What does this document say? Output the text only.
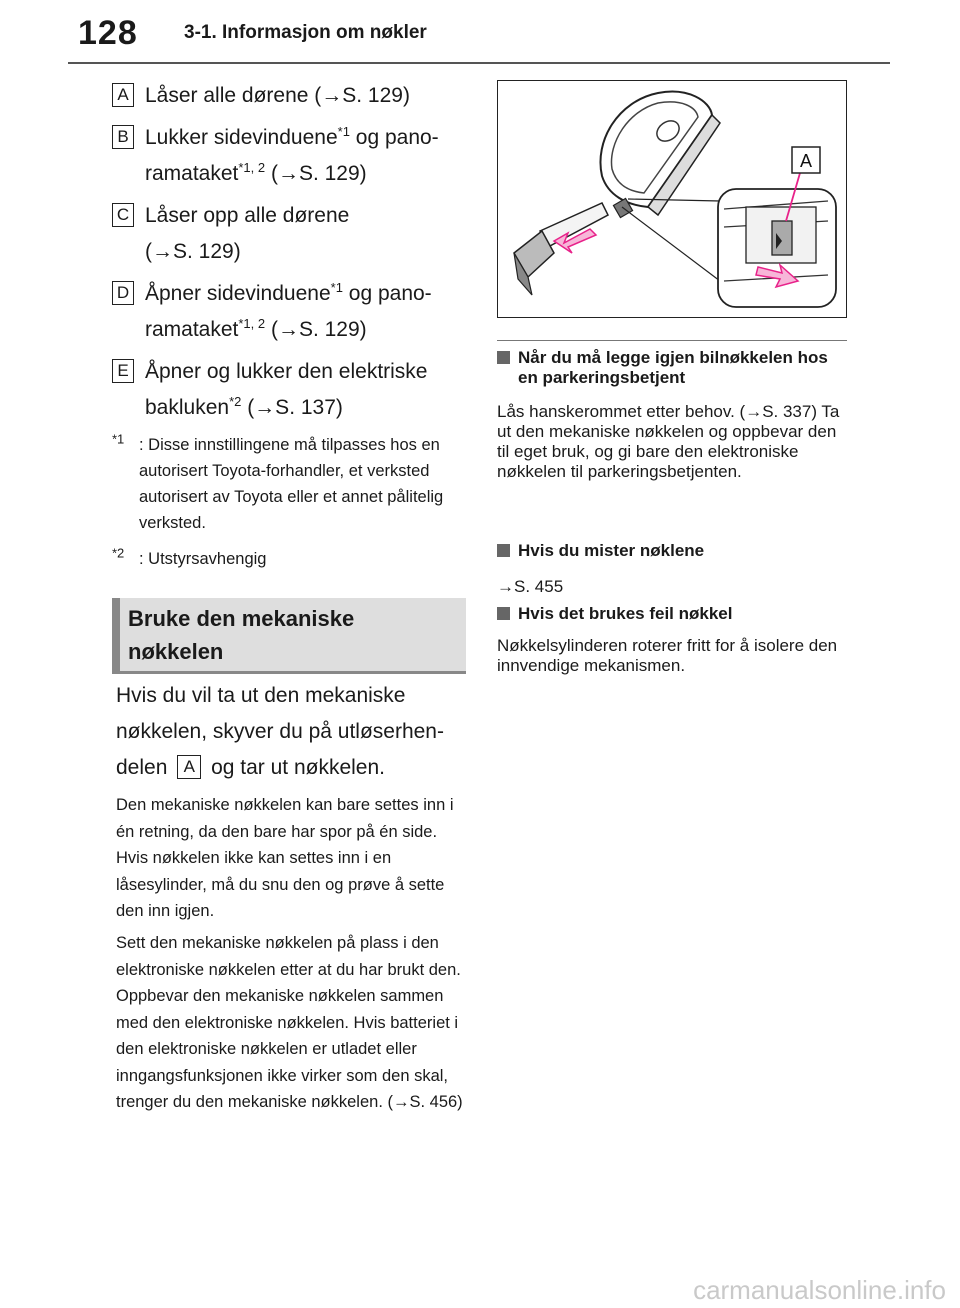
128 3-1. Informasjon om nøkler
A Låser alle dørene (→S. 129)
B Lukker sidevinduene$^{*1}$ og pano-
ramataket$^{*1, 2}$ (→S. 129)
C Låser opp alle dørene
(→S. 129)
D Åpner sidevinduene$^{*1}$ og pano-
ramataket$^{*1, 2}$ (→S. 129)
E Åpner og lukker den elektriske
bakluken$^{*2}$ (→S. 137)
$^{*1}$ : Disse innstillingene må tilpasses hos en autorisert Toyota-forhandler, et verksted autorisert av Toyota eller et annet pålitelig verksted.
$^{*2}$ : Utstyrsavhengig
Bruke den mekaniske
nøkkelen
Hvis du vil ta ut den mekaniske
nøkkelen, skyver du på utløserhen-
delen A og tar ut nøkkelen.
Den mekaniske nøkkelen kan bare settes inn i én retning, da den bare har spor på én side. Hvis nøkkelen ikke kan settes inn i en låsesylinder, må du snu den og prøve å sette den inn igjen.
Sett den mekaniske nøkkelen på plass i den elektroniske nøkkelen etter at du har brukt den. Oppbevar den mekaniske nøkkelen sammen med den elektroniske nøkkelen. Hvis batteriet i den elektroniske nøkkelen er utladet eller inngangsfunksjonen ikke virker som den skal, trenger du den mekaniske nøkkelen. (→S. 456)
A
Når du må legge igjen bilnøkkelen hos en parkeringsbetjent
Lås hanskerommet etter behov. (→S. 337) Ta ut den mekaniske nøkkelen og oppbevar den til eget bruk, og gi bare den elektroniske nøkkelen til parkeringsbetjenten.
Hvis du mister nøklene
→S. 455
Hvis det brukes feil nøkkel
Nøkkelsylinderen roterer fritt for å isolere den innvendige mekanismen.
carmanualsonline.info
